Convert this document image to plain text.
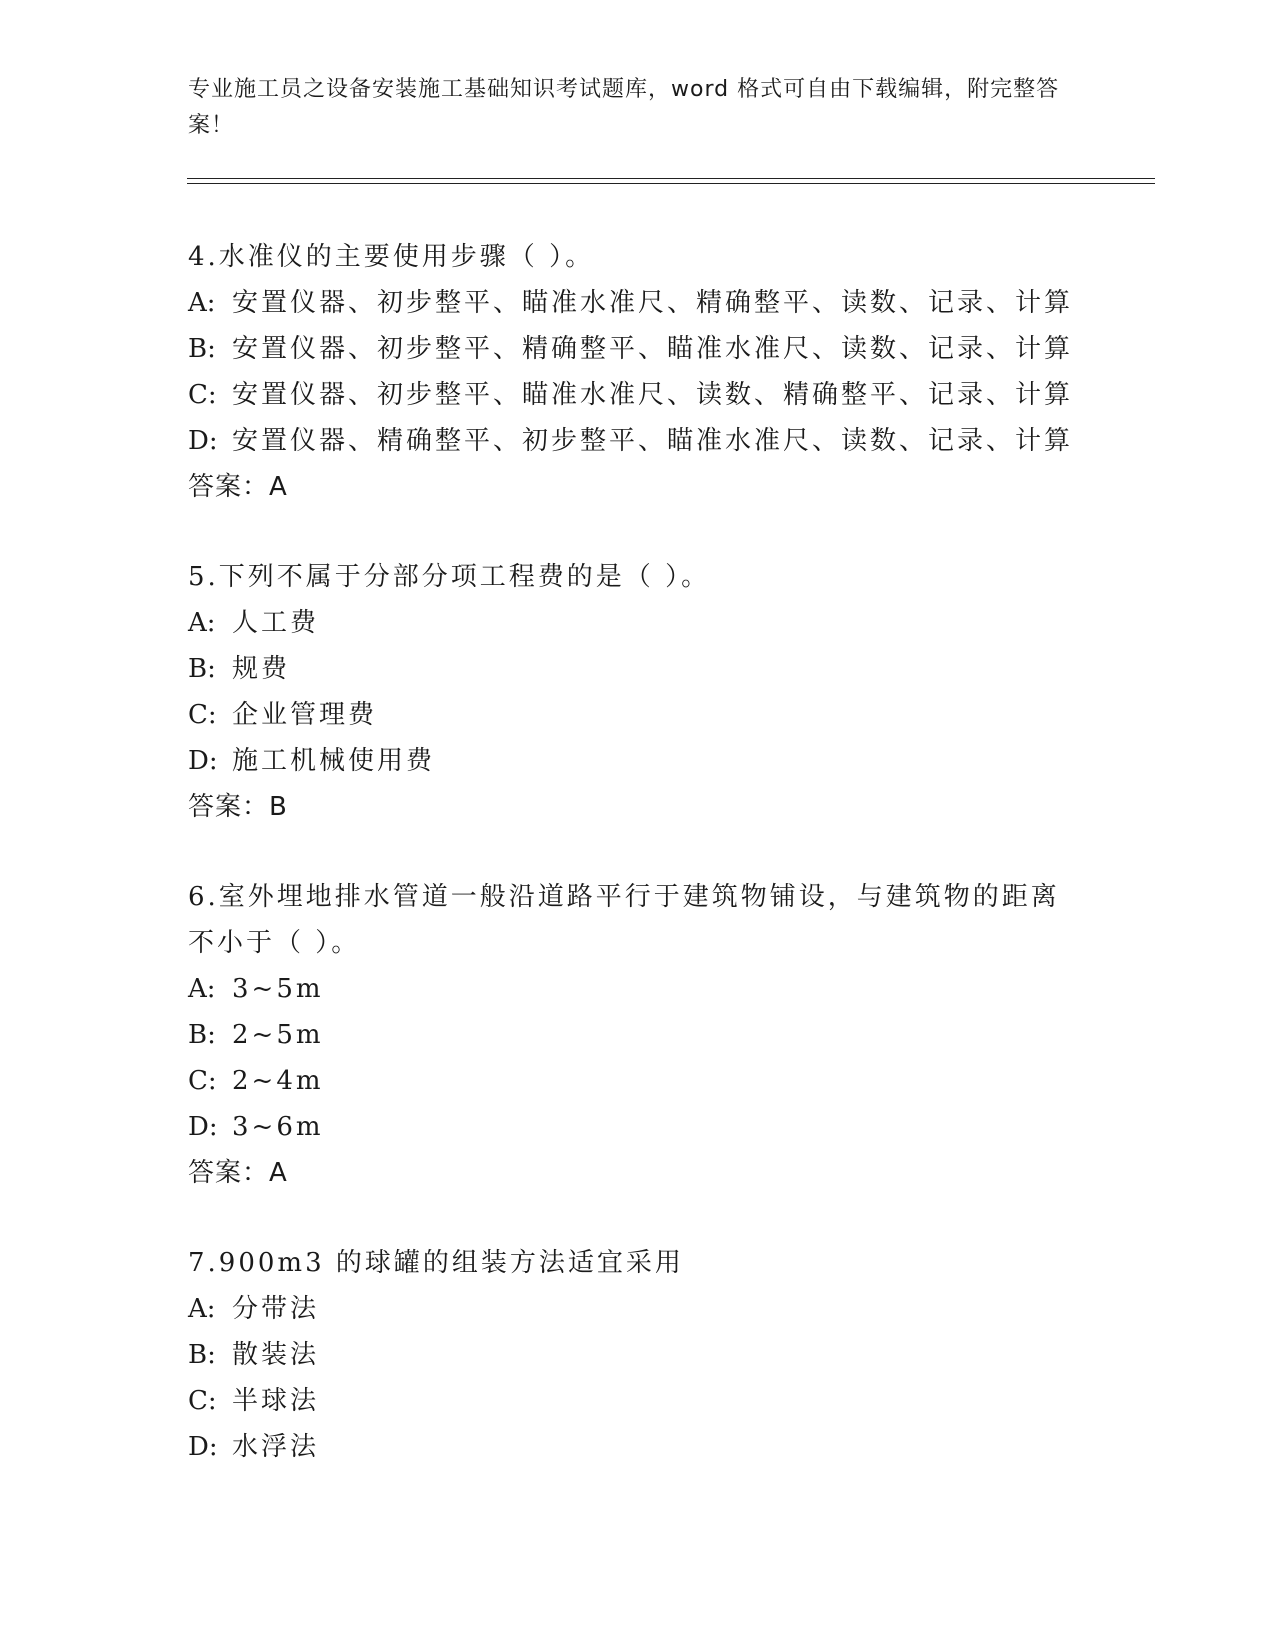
专业施工员之设备安装施工基础知识考试题库，word 格式可自由下载编辑，附完整答案！

4.水准仪的主要使用步骤（ ）。

A: 安置仪器、初步整平、瞄准水准尺、精确整平、读数、记录、计算

B: 安置仪器、初步整平、精确整平、瞄准水准尺、读数、记录、计算

C: 安置仪器、初步整平、瞄准水准尺、读数、精确整平、记录、计算

D: 安置仪器、精确整平、初步整平、瞄准水准尺、读数、记录、计算

答案：A

5.下列不属于分部分项工程费的是（ ）。

A: 人工费

B: 规费

C: 企业管理费

D: 施工机械使用费

答案：B

6.室外埋地排水管道一般沿道路平行于建筑物铺设，与建筑物的距离
不小于（ ）。

A: 3~5m

B: 2~5m

C: 2~4m

D: 3~6m

答案：A

7.900m3 的球罐的组装方法适宜采用

A: 分带法

B: 散装法

C: 半球法

D: 水浮法
